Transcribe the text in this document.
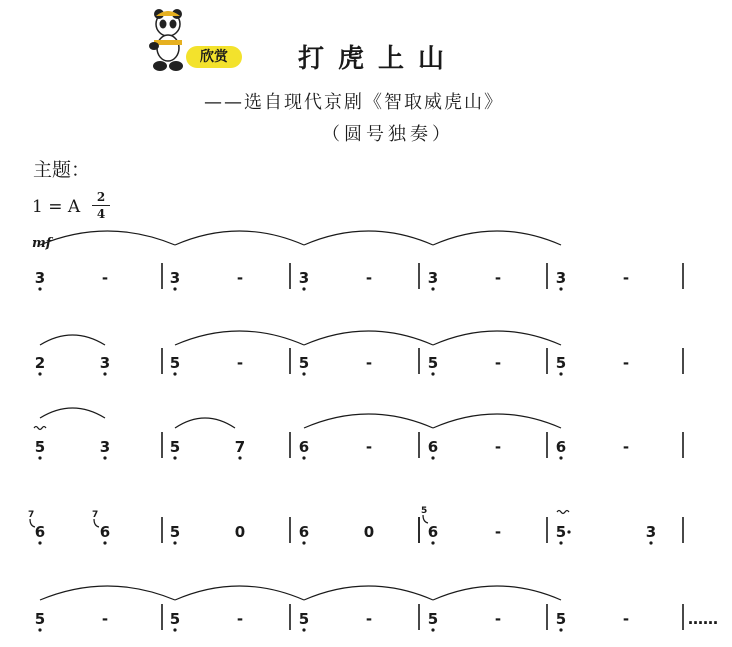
欣赏	打虎上山
——选自现代京剧《智取威虎山》
（圆号独奏）
主题：
1 = A	2
4
mf
3	-	3	-	3	-	3	-	3	-
2	3	5	-	5	-	5	-	5	-
5	3	5	7	6	-	6	-	6	-
6	6	5	0	6	0	6	-	5	3
5	-	5	-	5	-	5	-	5	-	……
7	7	5
